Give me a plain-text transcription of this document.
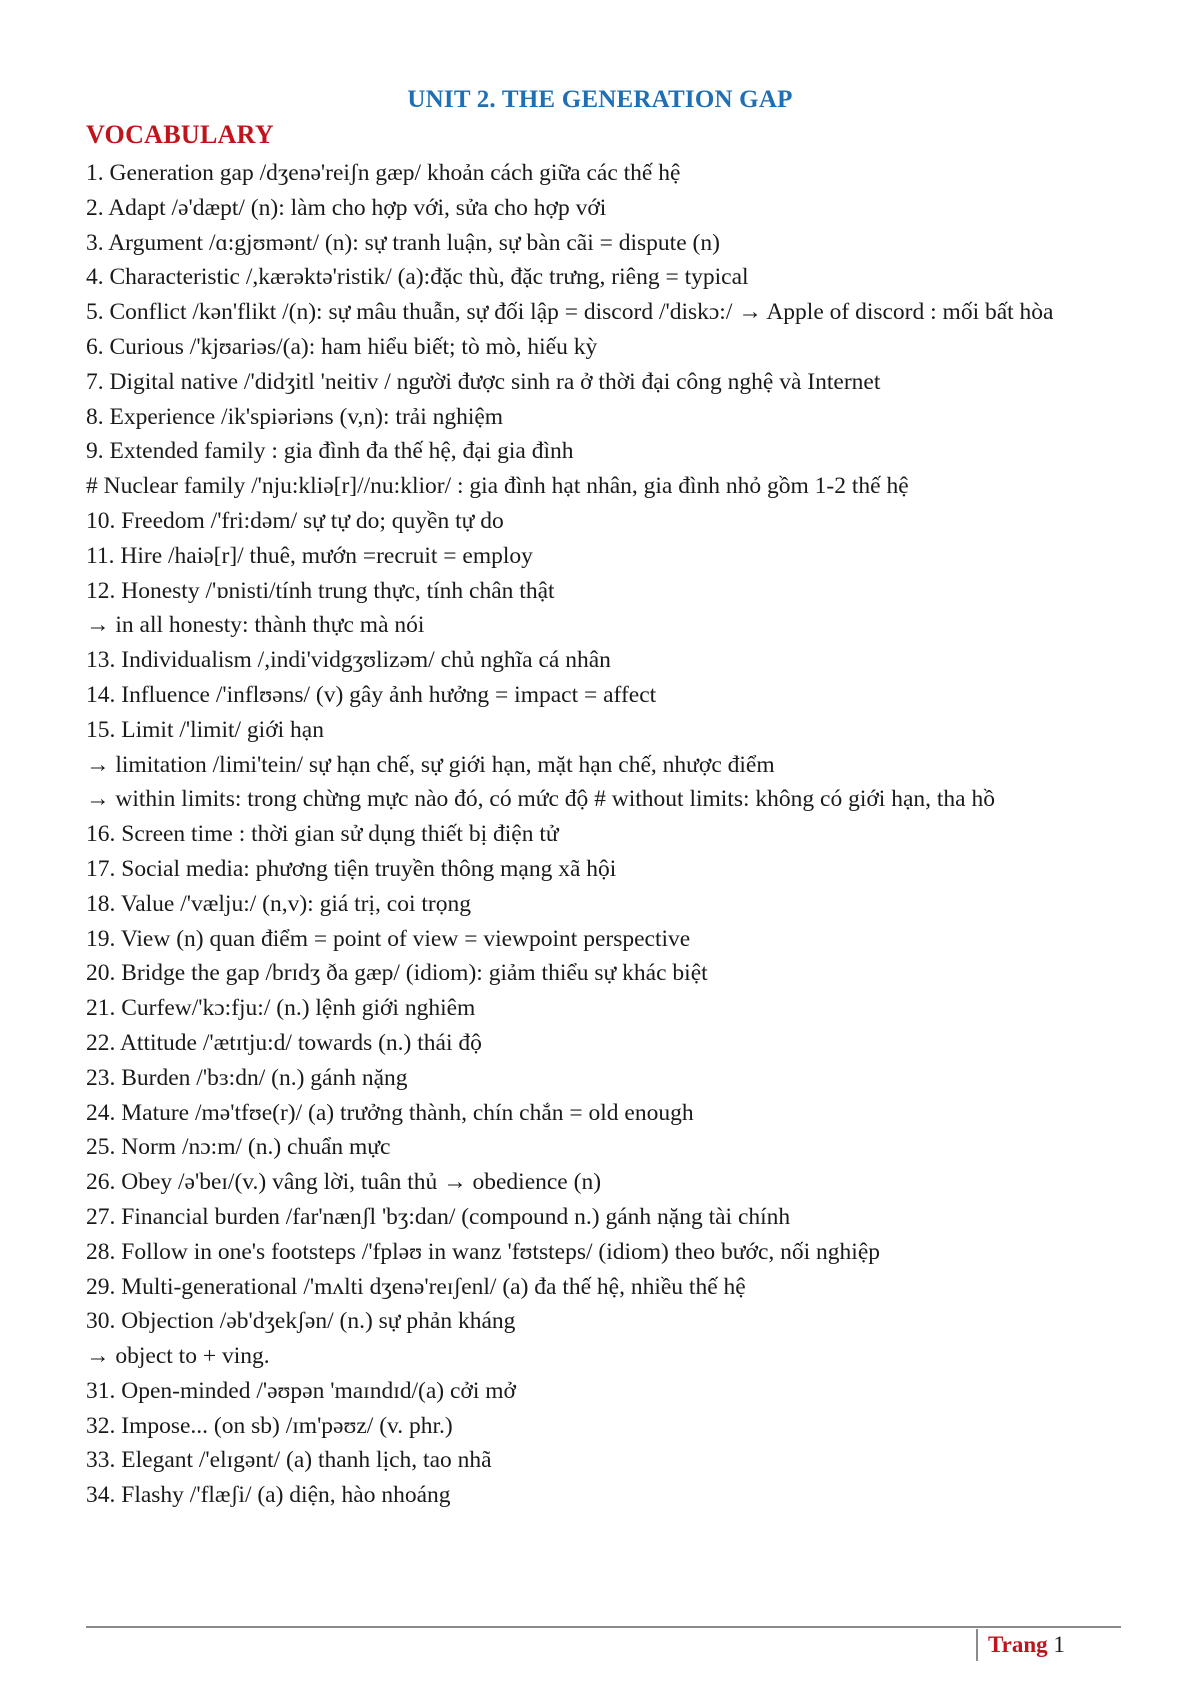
UNIT 2. THE GENERATION GAP
VOCABULARY
1. Generation gap /dʒenə'reiʃn gæp/ khoản cách giữa các thế hệ
2. Adapt /ə'dæpt/ (n): làm cho hợp với, sửa cho hợp với
3. Argument /ɑ:gjʊmənt/ (n): sự tranh luận, sự bàn cãi = dispute (n)
4. Characteristic /,kærəktə'ristik/ (a):đặc thù, đặc trưng, riêng = typical
5. Conflict /kən'flikt /(n): sự mâu thuẫn, sự đối lập = discord /'diskɔ:/ → Apple of discord : mối bất hòa
6. Curious /'kjʊariəs/(a): ham hiểu biết; tò mò, hiếu kỳ
7. Digital native /'didʒitl 'neitiv / người được sinh ra ở thời đại công nghệ và Internet
8. Experience /ik'spiəriəns (v,n): trải nghiệm
9. Extended family : gia đình đa thế hệ, đại gia đình
# Nuclear family /'nju:kliə[r]//nu:klior/ : gia đình hạt nhân, gia đình nhỏ gồm 1-2 thế hệ
10. Freedom /'fri:dəm/ sự tự do; quyền tự do
11. Hire /haiə[r]/ thuê, mướn =recruit = employ
12. Honesty /'ɒnisti/tính trung thực, tính chân thật
→ in all honesty: thành thực mà nói
13. Individualism /,indi'vidgʒʊlizəm/ chủ nghĩa cá nhân
14. Influence /'inflʊəns/ (v) gây ảnh hưởng = impact = affect
15. Limit /'limit/ giới hạn
→ limitation /limi'tein/ sự hạn chế, sự giới hạn, mặt hạn chế, nhược điểm
→ within limits: trong chừng mực nào đó, có mức độ # without limits: không có giới hạn, tha hồ
16. Screen time : thời gian sử dụng thiết bị điện tử
17. Social media: phương tiện truyền thông mạng xã hội
18. Value /'vælju:/ (n,v): giá trị, coi trọng
19. View (n) quan điểm = point of view = viewpoint perspective
20. Bridge the gap /brɪdʒ ða gæp/ (idiom): giảm thiểu sự khác biệt
21. Curfew/'kɔ:fju:/ (n.) lệnh giới nghiêm
22. Attitude /'ætɪtju:d/ towards (n.) thái độ
23. Burden /'bɜ:dn/ (n.) gánh nặng
24. Mature /mə'tfʊe(r)/ (a) trưởng thành, chín chắn = old enough
25. Norm /nɔ:m/ (n.) chuẩn mực
26. Obey /ə'beɪ/(v.) vâng lời, tuân thủ → obedience (n)
27. Financial burden /far'nænʃl 'bʒ:dan/ (compound n.) gánh nặng tài chính
28. Follow in one's footsteps /'fpləʊ in wanz 'fʊtsteps/ (idiom) theo bước, nối nghiệp
29. Multi-generational /'mʌlti dʒenə'reɪʃenl/ (a) đa thế hệ, nhiều thế hệ
30. Objection /əb'dʒekʃən/ (n.) sự phản kháng
→ object to + ving.
31. Open-minded /'əʊpən 'maɪndɪd/(a) cởi mở
32. Impose... (on sb) /ɪm'pəʊz/ (v. phr.)
33. Elegant /'elɪgənt/ (a) thanh lịch, tao nhã
34. Flashy /'flæʃi/ (a) diện, hào nhoáng
Trang 1
